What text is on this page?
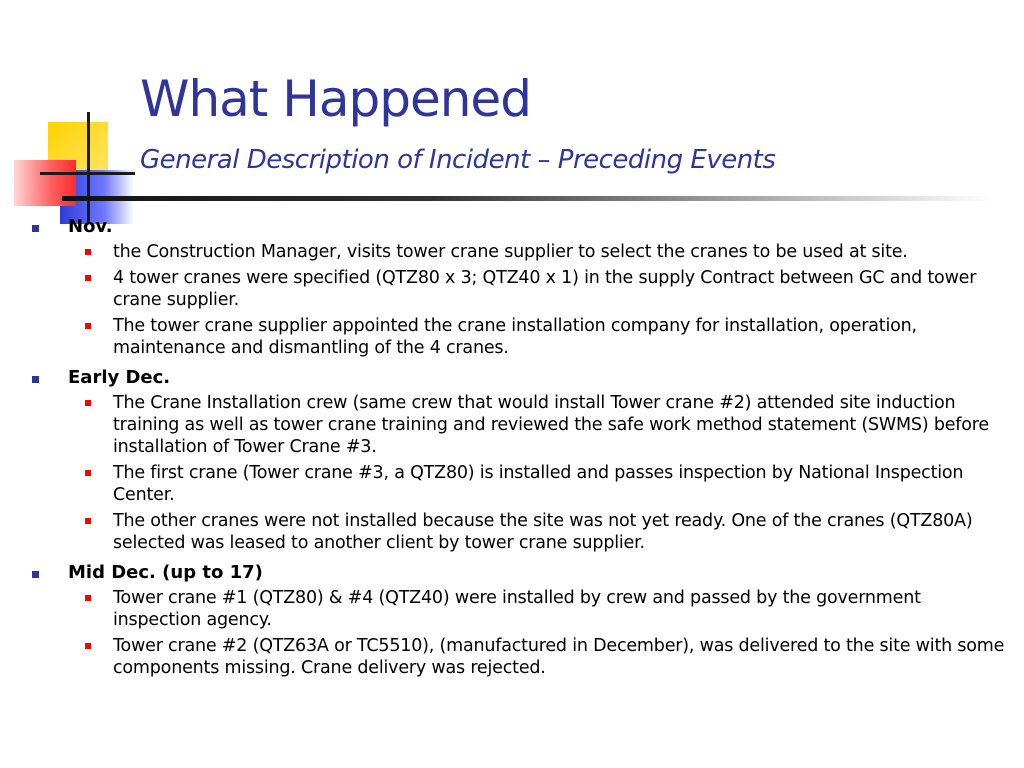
What Happened
General Description of Incident – Preceding Events
Nov.
the Construction Manager, visits tower crane supplier to select the cranes to be used at site.
4 tower cranes were specified (QTZ80 x 3; QTZ40 x 1) in the supply Contract between GC and tower crane supplier.
The tower crane supplier appointed the crane installation company for installation, operation, maintenance and dismantling of the 4 cranes.
Early Dec.
The Crane Installation crew (same crew that would install Tower crane #2) attended site induction training as well as tower crane training and reviewed the safe work method statement (SWMS) before installation of Tower Crane #3.
The first crane (Tower crane #3, a QTZ80) is installed and passes inspection by National Inspection Center.
The other cranes were not installed because the site was not yet ready. One of the cranes (QTZ80A) selected was leased to another client by tower crane supplier.
Mid Dec. (up to 17)
Tower crane #1 (QTZ80) & #4 (QTZ40) were installed by crew and passed by the government inspection agency.
Tower crane #2 (QTZ63A or TC5510), (manufactured in December), was delivered to the site with some components missing. Crane delivery was rejected.
